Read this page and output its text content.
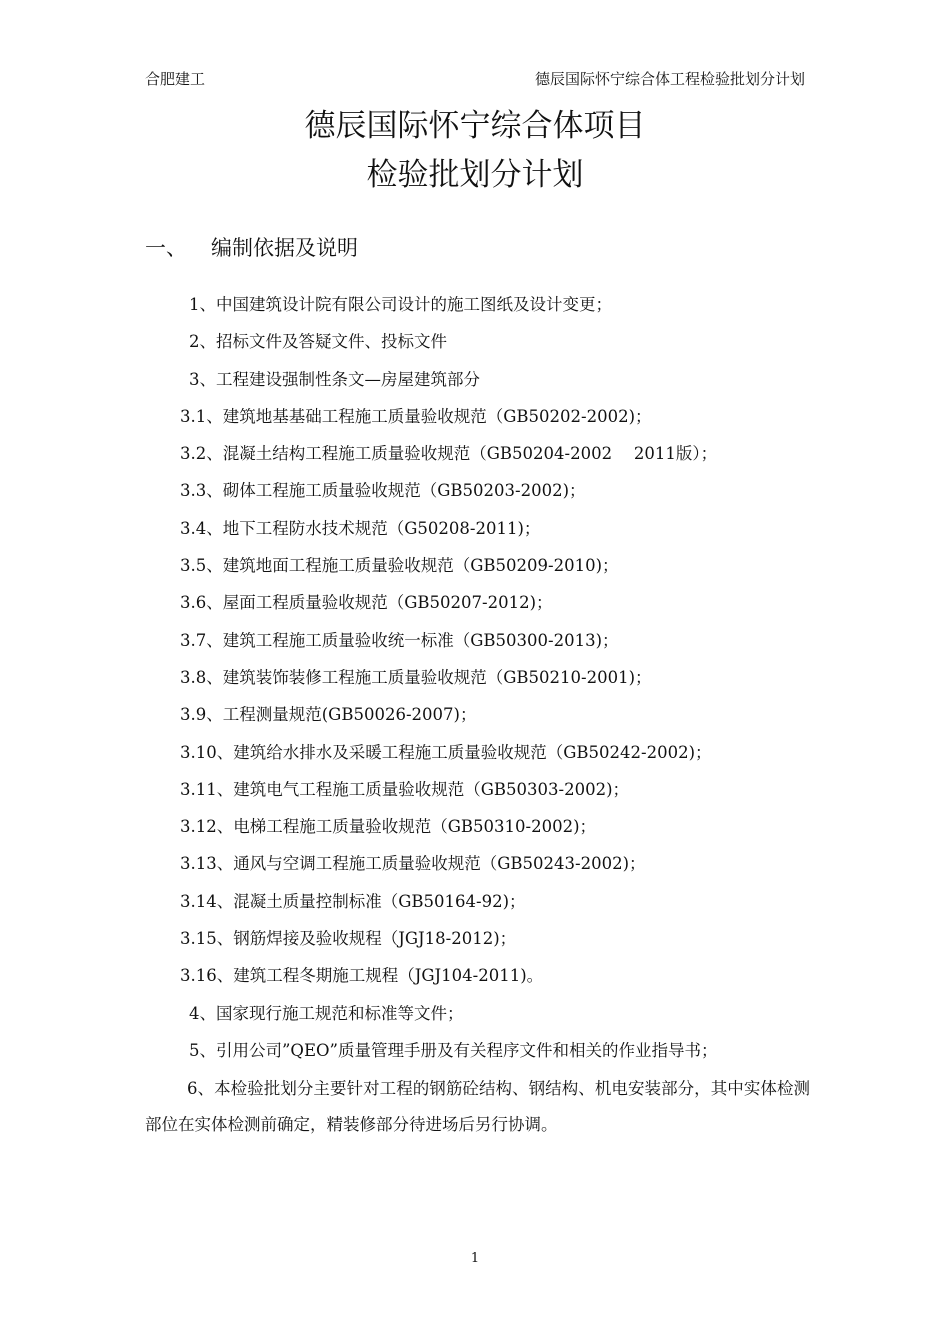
合肥建工	德辰国际怀宁综合体工程检验批划分计划
德辰国际怀宁综合体项目
检验批划分计划
一、 编制依据及说明
1、中国建筑设计院有限公司设计的施工图纸及设计变更；
2、招标文件及答疑文件、投标文件
3、工程建设强制性条文—房屋建筑部分
3.1、建筑地基基础工程施工质量验收规范（GB50202-2002)；
3.2、混凝土结构工程施工质量验收规范（GB50204-2002　 2011版）；
3.3、砌体工程施工质量验收规范（GB50203-2002)；
3.4、地下工程防水技术规范（G50208-2011)；
3.5、建筑地面工程施工质量验收规范（GB50209-2010)；
3.6、屋面工程质量验收规范（GB50207-2012)；
3.7、建筑工程施工质量验收统一标准（GB50300-2013)；
3.8、建筑装饰装修工程施工质量验收规范（GB50210-2001)；
3.9、工程测量规范(GB50026-2007)；
3.10、建筑给水排水及采暖工程施工质量验收规范（GB50242-2002)；
3.11、建筑电气工程施工质量验收规范（GB50303-2002)；
3.12、电梯工程施工质量验收规范（GB50310-2002)；
3.13、通风与空调工程施工质量验收规范（GB50243-2002)；
3.14、混凝土质量控制标准（GB50164-92)；
3.15、钢筋焊接及验收规程（JGJ18-2012)；
3.16、建筑工程冬期施工规程（JGJ104-2011)。
4、国家现行施工规范和标准等文件；
5、引用公司”QEO”质量管理手册及有关程序文件和相关的作业指导书；
6、本检验批划分主要针对工程的钢筋砼结构、钢结构、机电安装部分，其中实体检测部位在实体检测前确定，精装修部分待进场后另行协调。
1
